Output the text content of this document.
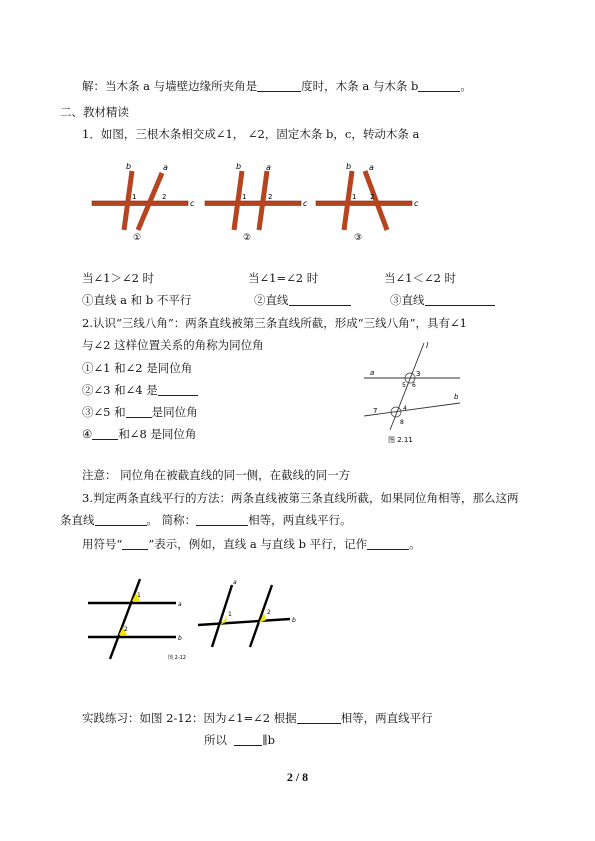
解：当木条 a 与墙壁边缘所夹角是	度时，木条 a 与木条 b	。
二、教材精读
1．如图，三根木条相交成∠1， ∠2，固定木条 b，c，转动木条 a
b	a
c
1	2
①
b	a
c
1	2
②
b a
c
1 2
③
当∠1＞∠2 时	当∠1=∠2 时	当∠1＜∠2 时
①直线 a 和 b 不平行	②直线	③直线
2.认识“三线八角”：两条直线被第三条直线所截，形成“三线八角”，具有∠1
与∠2 这样位置关系的角称为同位角
①∠1 和∠2 是同位角
②∠3 和∠4 是
③∠5 和 是同位角
④ 和∠8 是同位角
l
a
b
3
5 6
7	4
8
图 2.11
注意： 同位角在被截直线的同一侧，在截线的同一方
3.判定两条直线平行的方法：两条直线被第三条直线所截，如果同位角相等，那么这两
条直线	。 简称：	相等，两直线平行。
用符号“ ”表示，例如，直线 a 与直线 b 平行，记作	。
1
2
a
b
图 2-12
1	2
a
b
实践练习：如图 2-12：因为∠1=∠2 根据	相等，两直线平行
所以	∥b
2 / 8
